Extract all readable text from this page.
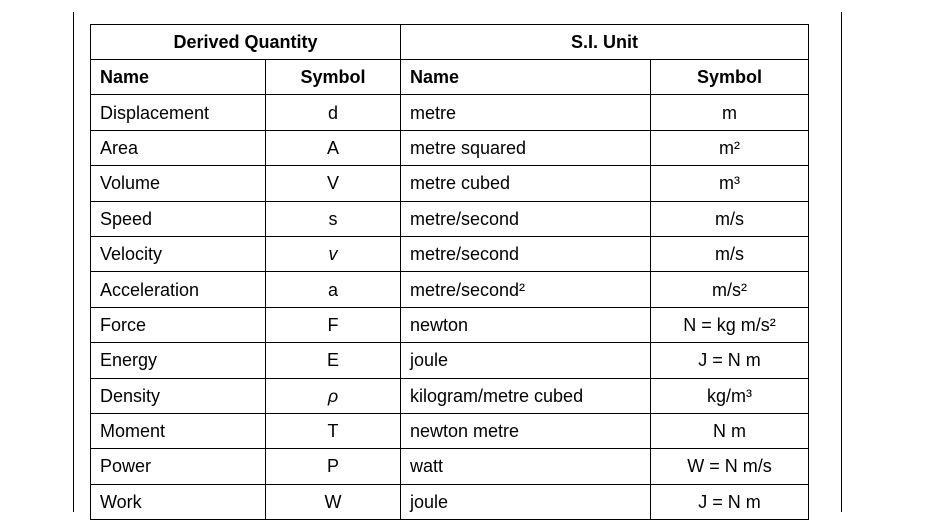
Derived Quantity		S.I. Unit	
Name	Symbol	Name	Symbol
Displacement	d	metre	m
Area	A	metre squared	m²
Volume	V	metre cubed	m³
Speed	s	metre/second	m/s
Velocity	v	metre/second	m/s
Acceleration	a	metre/second²	m/s²
Force	F	newton	N = kg m/s²
Energy	E	joule	J = N m
Density	ρ	kilogram/metre cubed	kg/m³
Moment	T	newton metre	N m
Power	P	watt	W = N m/s
Work	W	joule	J = N m
